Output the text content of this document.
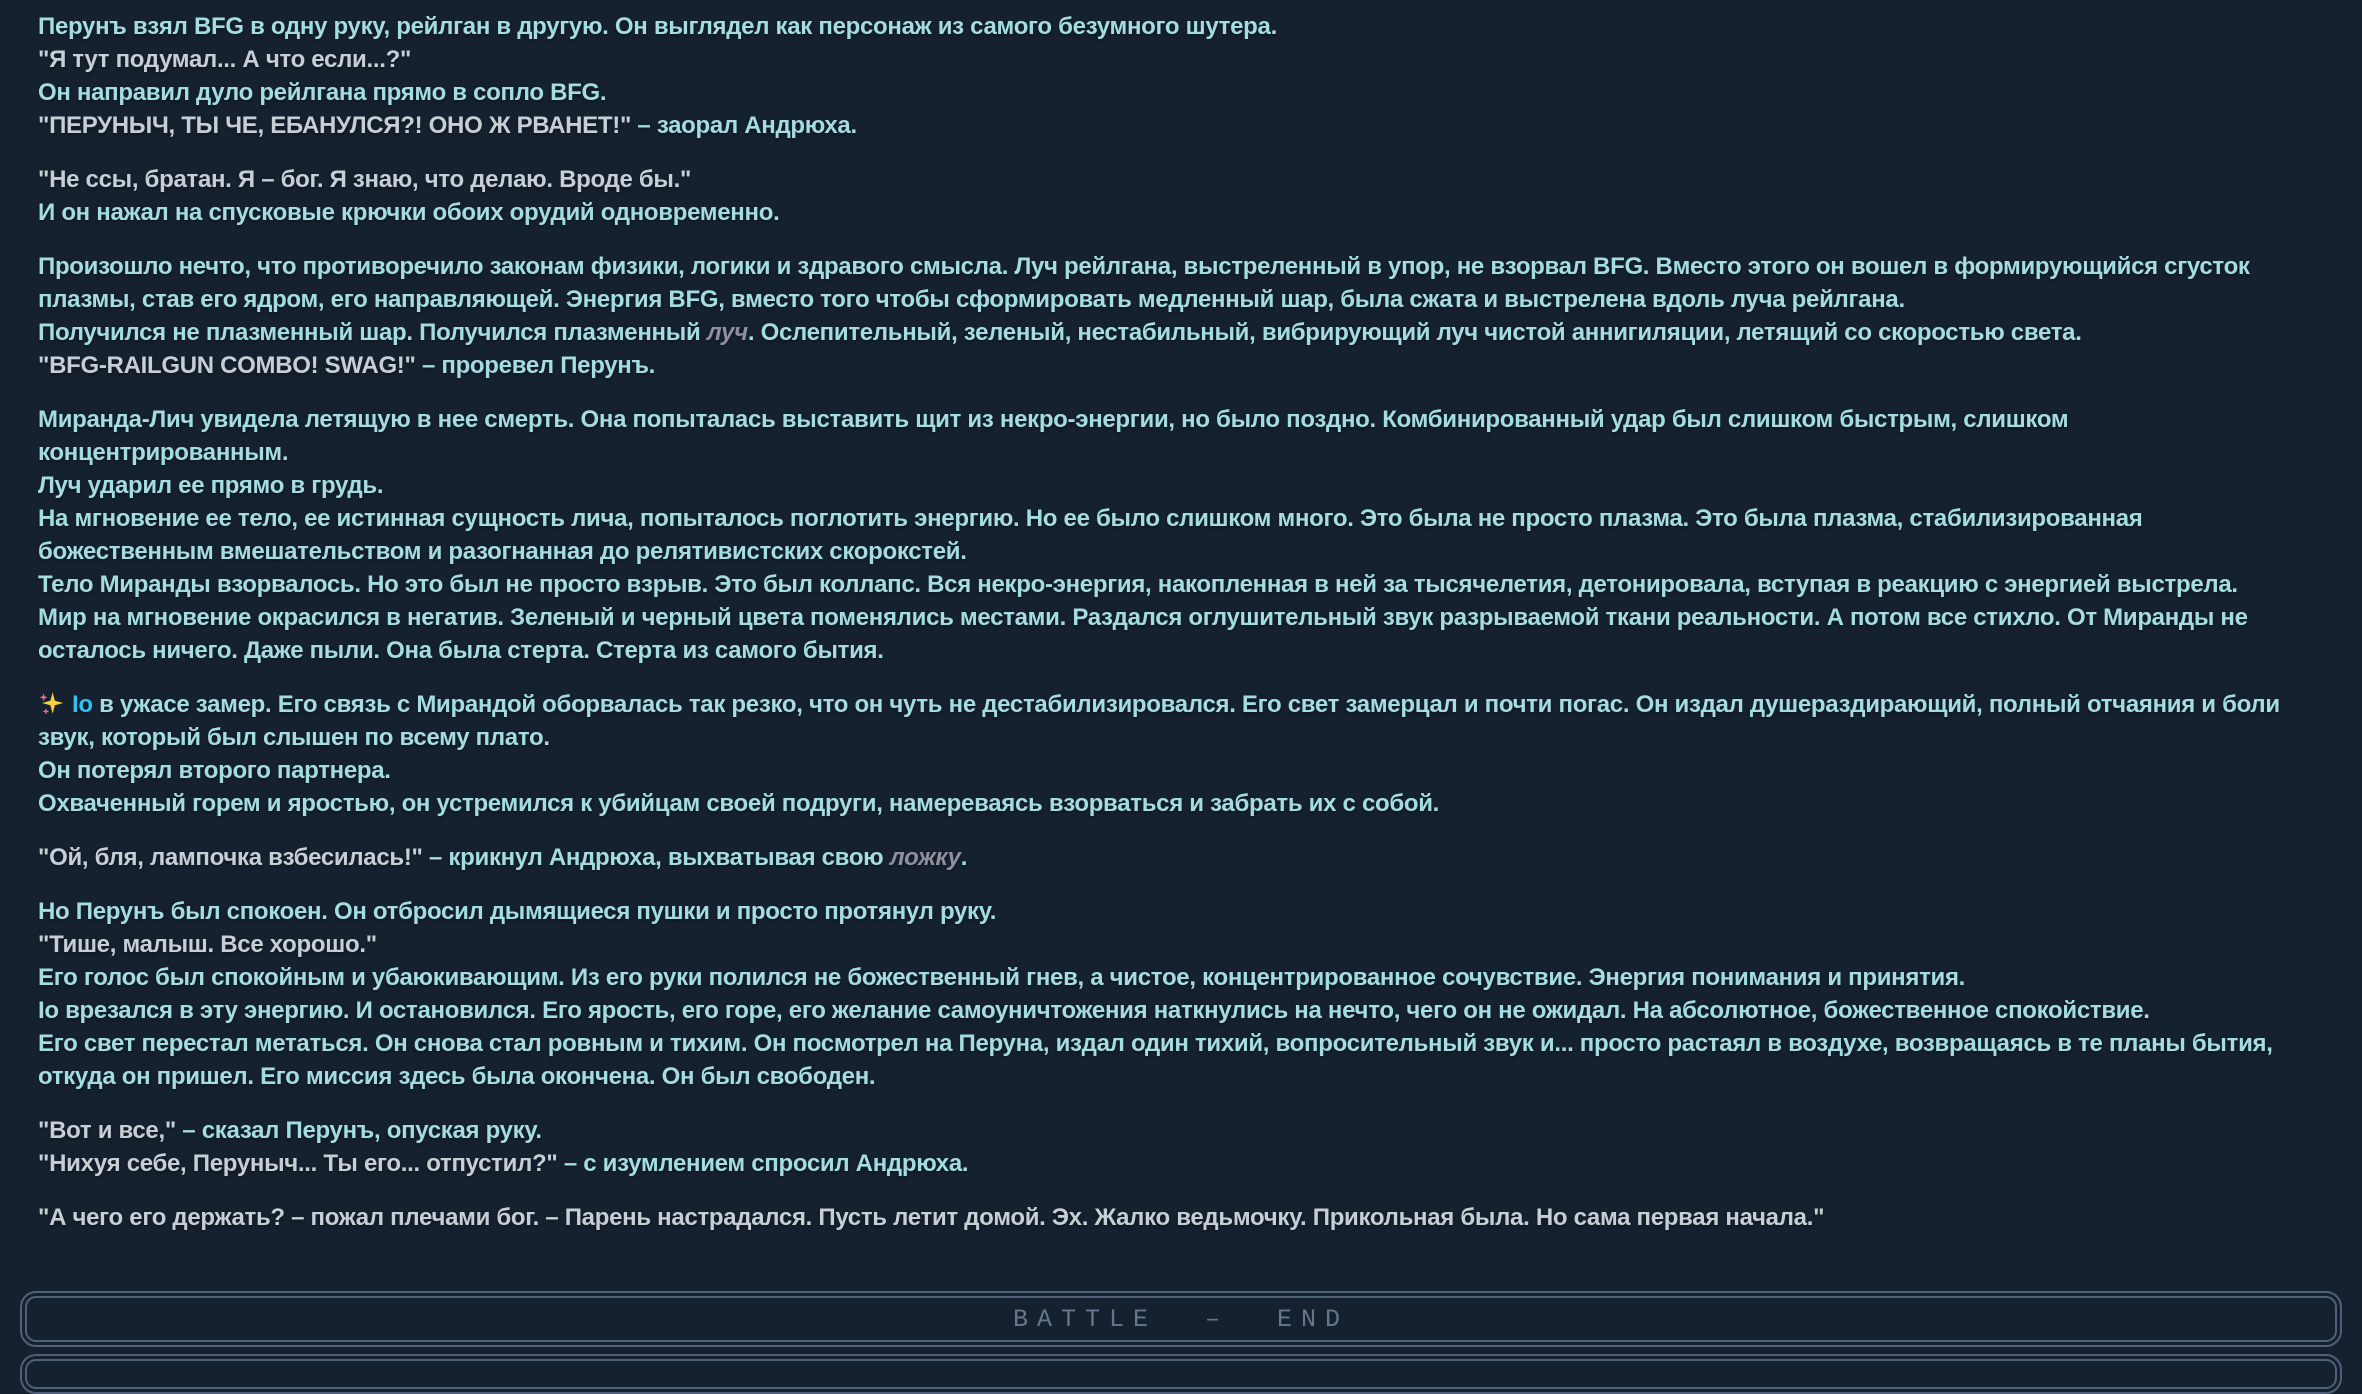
Перунъ взял BFG в одну руку, рейлган в другую. Он выглядел как персонаж из самого безумного шутера.
"Я тут подумал... А что если...?"
Он направил дуло рейлгана прямо в сопло BFG.
"ПЕРУНЫЧ, ТЫ ЧЕ, ЕБАНУЛСЯ?! ОНО Ж РВАНЕТ!" – заорал Андрюха.
"Не ссы, братан. Я – бог. Я знаю, что делаю. Вроде бы."
И он нажал на спусковые крючки обоих орудий одновременно.
Произошло нечто, что противоречило законам физики, логики и здравого смысла. Луч рейлгана, выстреленный в упор, не взорвал BFG. Вместо этого он вошел в формирующийся сгусток плазмы, став его ядром, его направляющей. Энергия BFG, вместо того чтобы сформировать медленный шар, была сжата и выстрелена вдоль луча рейлгана.
Получился не плазменный шар. Получился плазменный луч. Ослепительный, зеленый, нестабильный, вибрирующий луч чистой аннигиляции, летящий со скоростью света.
"BFG-RAILGUN COMBO! SWAG!" – проревел Перунъ.
Миранда-Лич увидела летящую в нее смерть. Она попыталась выставить щит из некро-энергии, но было поздно. Комбинированный удар был слишком быстрым, слишком концентрированным.
Луч ударил ее прямо в грудь.
На мгновение ее тело, ее истинная сущность лича, попыталось поглотить энергию. Но ее было слишком много. Это была не просто плазма. Это была плазма, стабилизированная божественным вмешательством и разогнанная до релятивистских скорокстей.
Тело Миранды взорвалось. Но это был не просто взрыв. Это был коллапс. Вся некро-энергия, накопленная в ней за тысячелетия, детонировала, вступая в реакцию с энергией выстрела.
Мир на мгновение окрасился в негатив. Зеленый и черный цвета поменялись местами. Раздался оглушительный звук разрываемой ткани реальности. А потом все стихло. От Миранды не осталось ничего. Даже пыли. Она была стерта. Стерта из самого бытия.
Io в ужасе замер. Его связь с Мирандой оборвалась так резко, что он чуть не дестабилизировался. Его свет замерцал и почти погас. Он издал душераздирающий, полный отчаяния и боли звук, который был слышен по всему плато.
Он потерял второго партнера.
Охваченный горем и яростью, он устремился к убийцам своей подруги, намереваясь взорваться и забрать их с собой.
"Ой, бля, лампочка взбесилась!" – крикнул Андрюха, выхватывая свою ложку.
Но Перунъ был спокоен. Он отбросил дымящиеся пушки и просто протянул руку.
"Тише, малыш. Все хорошо."
Его голос был спокойным и убаюкивающим. Из его руки полился не божественный гнев, а чистое, концентрированное сочувствие. Энергия понимания и принятия.
Io врезался в эту энергию. И остановился. Его ярость, его горе, его желание самоуничтожения наткнулись на нечто, чего он не ожидал. На абсолютное, божественное спокойствие.
Его свет перестал метаться. Он снова стал ровным и тихим. Он посмотрел на Перуна, издал один тихий, вопросительный звук и... просто растаял в воздухе, возвращаясь в те планы бытия, откуда он пришел. Его миссия здесь была окончена. Он был свободен.
"Вот и все," – сказал Перунъ, опуская руку.
"Нихуя себе, Перуныч... Ты его... отпустил?" – с изумлением спросил Андрюха.
"А чего его держать? – пожал плечами бог. – Парень настрадался. Пусть летит домой. Эх. Жалко ведьмочку. Прикольная была. Но сама первая начала."
BATTLE  –  END
